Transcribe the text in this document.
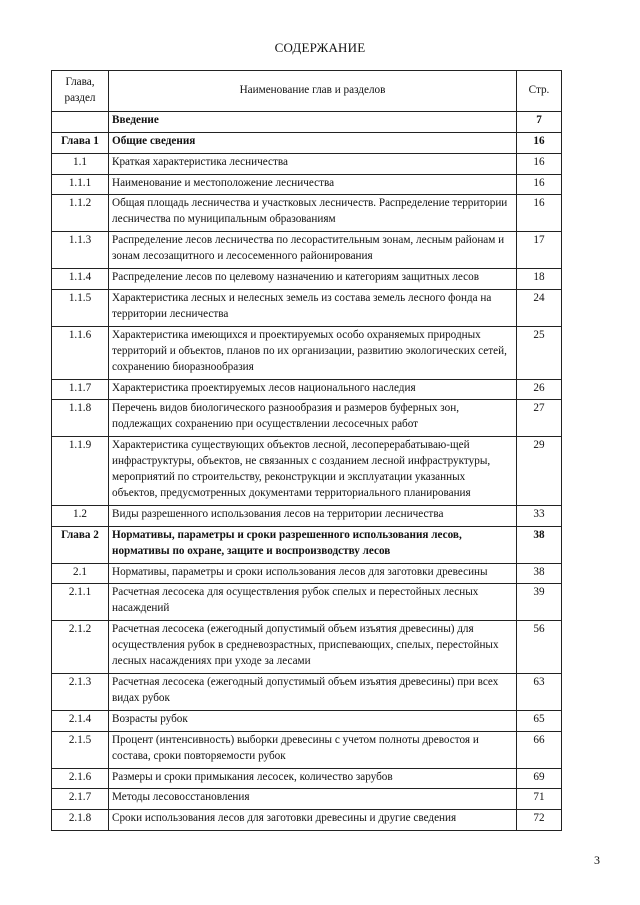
СОДЕРЖАНИЕ
Глава, раздел	Наименование глав и разделов	Стр.
	Введение	7
Глава 1	Общие сведения	16
1.1	Краткая характеристика лесничества	16
1.1.1	Наименование и местоположение лесничества	16
1.1.2	Общая площадь лесничества и участковых лесничеств. Распределение территории лесничества по муниципальным образованиям	16
1.1.3	Распределение лесов лесничества по лесорастительным зонам, лесным районам и зонам лесозащитного и лесосеменного районирования	17
1.1.4	Распределение лесов по целевому назначению и категориям защитных лесов	18
1.1.5	Характеристика лесных и нелесных земель из состава земель лесного фонда на территории лесничества	24
1.1.6	Характеристика имеющихся и проектируемых особо охраняемых природных территорий и объектов, планов по их организации, развитию экологических сетей, сохранению биоразнообразия	25
1.1.7	Характеристика проектируемых лесов национального наследия	26
1.1.8	Перечень видов биологического разнообразия и размеров буферных зон, подлежащих сохранению при осуществлении лесосечных работ	27
1.1.9	Характеристика существующих объектов лесной, лесоперерабатываю-щей инфраструктуры, объектов, не связанных с созданием лесной инфраструктуры, мероприятий по строительству, реконструкции и эксплуатации указанных объектов, предусмотренных документами территориального планирования	29
1.2	Виды разрешенного использования лесов на территории лесничества	33
Глава 2	Нормативы, параметры и сроки разрешенного использования лесов, нормативы по охране, защите и воспроизводству лесов	38
2.1	Нормативы, параметры и сроки использования лесов для заготовки древесины	38
2.1.1	Расчетная лесосека для осуществления рубок спелых и перестойных лесных насаждений	39
2.1.2	Расчетная лесосека (ежегодный допустимый объем изъятия древесины) для осуществления рубок в средневозрастных, приспевающих, спелых, перестойных лесных насаждениях при уходе за лесами	56
2.1.3	Расчетная лесосека (ежегодный допустимый объем изъятия древесины) при всех видах рубок	63
2.1.4	Возрасты рубок	65
2.1.5	Процент (интенсивность) выборки древесины с учетом полноты древостоя и состава, сроки повторяемости рубок	66
2.1.6	Размеры и сроки примыкания лесосек, количество зарубов	69
2.1.7	Методы лесовосстановления	71
2.1.8	Сроки использования лесов для заготовки древесины и другие сведения	72
3
